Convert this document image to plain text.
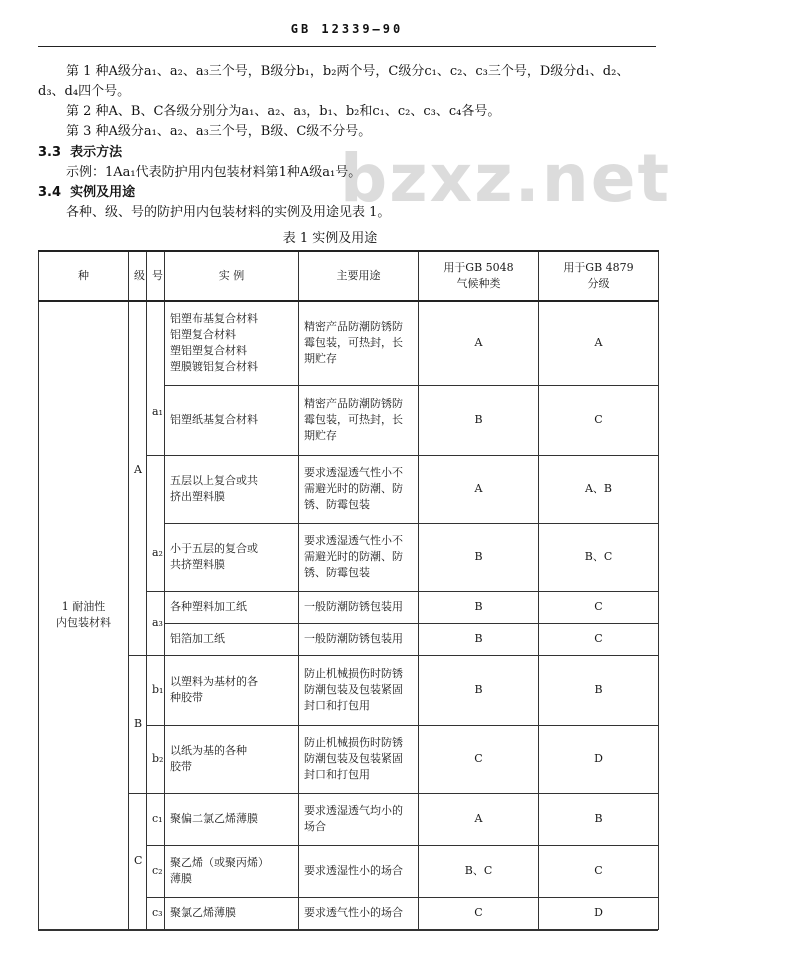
GB 12339—90
bzxz.net
第 1 种A级分a₁、a₂、a₃三个号，B级分b₁，b₂两个号，C级分c₁、c₂、c₃三个号，D级分d₁、d₂、
d₃、d₄四个号。
第 2 种A、B、C各级分别分为a₁、a₂、a₃，b₁、b₂和c₁、c₂、c₃、c₄各号。
第 3 种A级分a₁、a₂、a₃三个号，B级、C级不分号。
3.3 表示方法
示例：1Aa₁代表防护用内包装材料第1种A级a₁号。
3.4 实例及用途
各种、级、号的防护用内包装材料的实例及用途见表 1。
表 1 实例及用途
种	级	号	实 例	主要用途	用于GB 5048
气候种类	用于GB 4879
分级
1 耐油性
内包装材料	A	a₁	铝塑布基复合材料
铝塑复合材料
塑铝塑复合材料
塑膜镀铝复合材料	精密产品防潮防锈防
霉包装，可热封，长
期贮存	A	A
			铝塑纸基复合材料	精密产品防潮防锈防
霉包装，可热封，长
期贮存	B	C
		a₂	五层以上复合或共
挤出塑料膜	要求透湿透气性小不
需避光时的防潮、防
锈、防霉包装	A	A、B
			小于五层的复合或
共挤塑料膜	要求透湿透气性小不
需避光时的防潮、防
锈、防霉包装	B	B、C
		a₃	各种塑料加工纸	一般防潮防锈包装用	B	C
			铝箔加工纸	一般防潮防锈包装用	B	C
	B	b₁	以塑料为基材的各
种胶带	防止机械损伤时防锈
防潮包装及包装紧固
封口和打包用	B	B
		b₂	以纸为基的各种
胶带	防止机械损伤时防锈
防潮包装及包装紧固
封口和打包用	C	D
	C	c₁	聚偏二氯乙烯薄膜	要求透湿透气均小的
场合	A	B
		c₂	聚乙烯（或聚丙烯）
薄膜	要求透湿性小的场合	B、C	C
		c₃	聚氯乙烯薄膜	要求透气性小的场合	C	D
